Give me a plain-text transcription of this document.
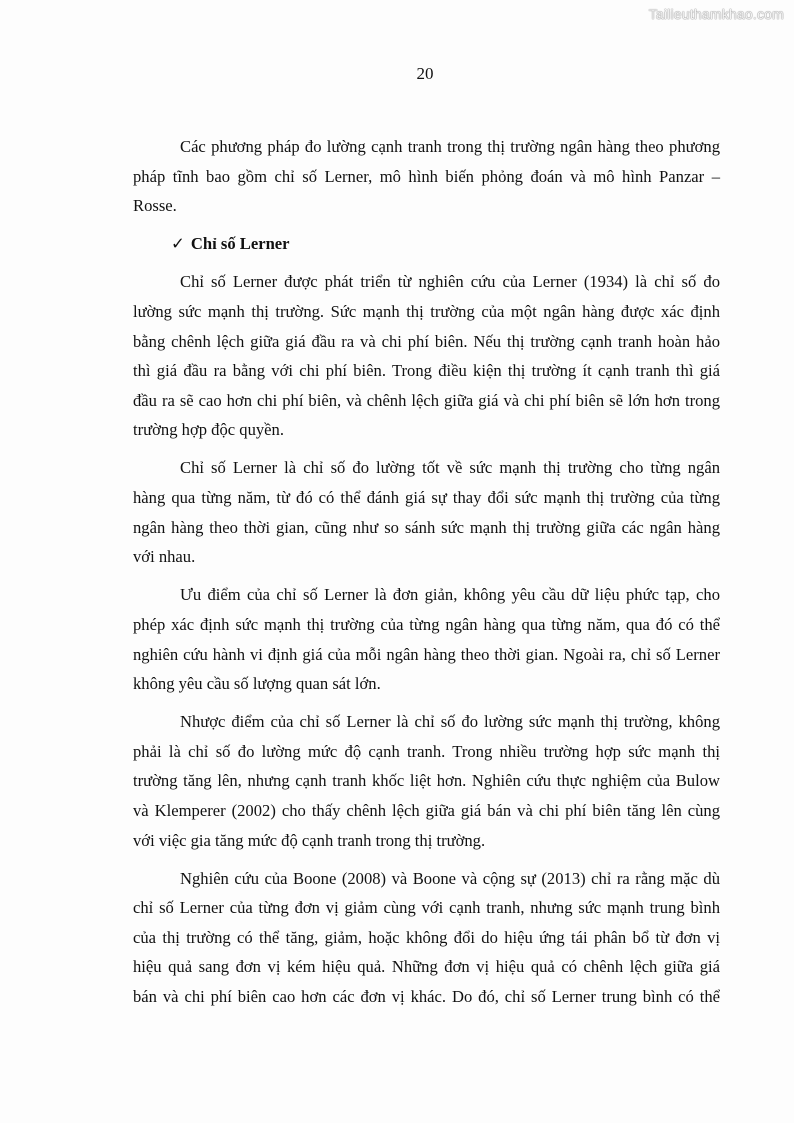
Tailieuthamkhao.com
20

Các phương pháp đo lường cạnh tranh trong thị trường ngân hàng theo phương
pháp tĩnh bao gồm chỉ số Lerner, mô hình biến phỏng đoán và mô hình Panzar –
Rosse.

✓ Chỉ số Lerner

Chỉ số Lerner được phát triển từ nghiên cứu của Lerner (1934) là chỉ số đo
lường sức mạnh thị trường. Sức mạnh thị trường của một ngân hàng được xác định
bằng chênh lệch giữa giá đầu ra và chi phí biên. Nếu thị trường cạnh tranh hoàn hảo
thì giá đầu ra bằng với chi phí biên. Trong điều kiện thị trường ít cạnh tranh thì giá
đầu ra sẽ cao hơn chi phí biên, và chênh lệch giữa giá và chi phí biên sẽ lớn hơn trong
trường hợp độc quyền.

Chỉ số Lerner là chỉ số đo lường tốt về sức mạnh thị trường cho từng ngân
hàng qua từng năm, từ đó có thể đánh giá sự thay đổi sức mạnh thị trường của từng
ngân hàng theo thời gian, cũng như so sánh sức mạnh thị trường giữa các ngân hàng
với nhau.

Ưu điểm của chỉ số Lerner là đơn giản, không yêu cầu dữ liệu phức tạp, cho
phép xác định sức mạnh thị trường của từng ngân hàng qua từng năm, qua đó có thể
nghiên cứu hành vi định giá của mỗi ngân hàng theo thời gian. Ngoài ra, chỉ số Lerner
không yêu cầu số lượng quan sát lớn.

Nhược điểm của chỉ số Lerner là chỉ số đo lường sức mạnh thị trường, không
phải là chỉ số đo lường mức độ cạnh tranh. Trong nhiều trường hợp sức mạnh thị
trường tăng lên, nhưng cạnh tranh khốc liệt hơn. Nghiên cứu thực nghiệm của Bulow
và Klemperer (2002) cho thấy chênh lệch giữa giá bán và chi phí biên tăng lên cùng
với việc gia tăng mức độ cạnh tranh trong thị trường.

Nghiên cứu của Boone (2008) và Boone và cộng sự (2013) chỉ ra rằng mặc dù
chỉ số Lerner của từng đơn vị giảm cùng với cạnh tranh, nhưng sức mạnh trung bình
của thị trường có thể tăng, giảm, hoặc không đổi do hiệu ứng tái phân bổ từ đơn vị
hiệu quả sang đơn vị kém hiệu quả. Những đơn vị hiệu quả có chênh lệch giữa giá
bán và chi phí biên cao hơn các đơn vị khác. Do đó, chỉ số Lerner trung bình có thể
